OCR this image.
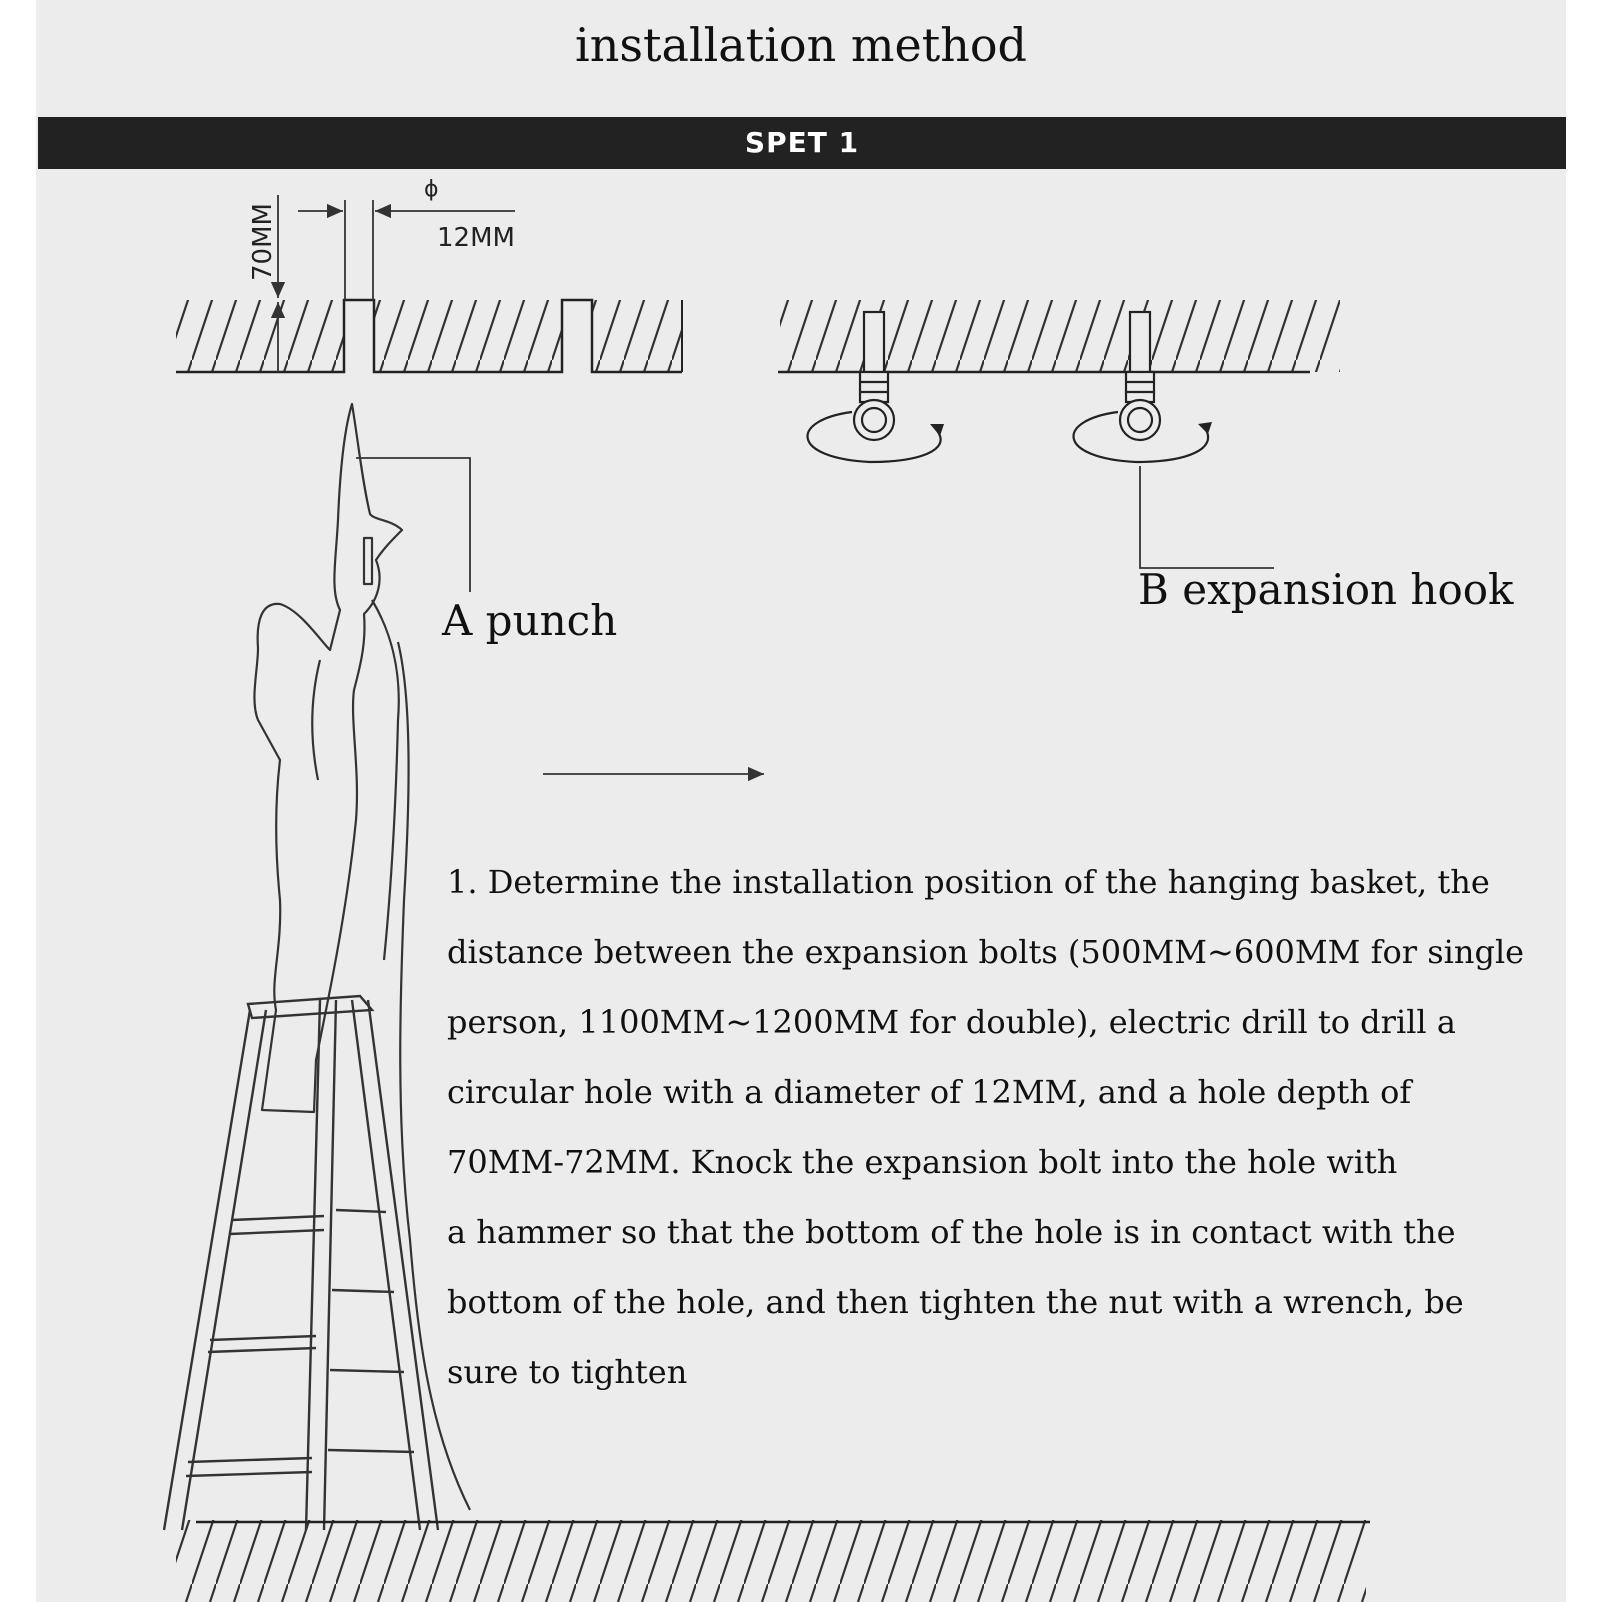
installation method
SPET 1
ϕ
12MM
70MM
A punch
B expansion hook

1. Determine the installation position of the hanging basket, the

distance between the expansion bolts (500MM~600MM for single

person, 1100MM~1200MM for double), electric drill to drill a

circular hole with a diameter of 12MM, and a hole depth of

70MM-72MM. Knock the expansion bolt into the hole with

a hammer so that the bottom of the hole is in contact with the

bottom of the hole, and then tighten the nut with a wrench, be

sure to tighten
